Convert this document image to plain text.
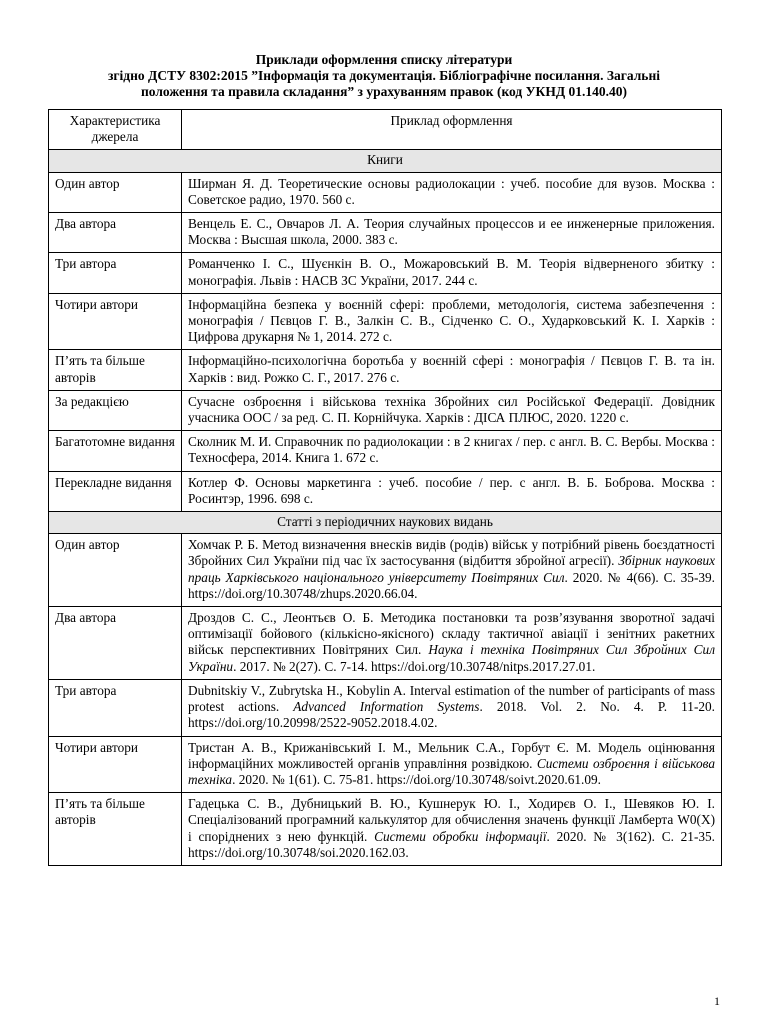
Приклади оформлення списку літератури
згідно ДСТУ 8302:2015 ”Інформація та документація. Бібліографічне посилання. Загальні
положення та правила складання” з урахуванням правок (код УКНД 01.140.40)
Характеристика джерела	Приклад оформлення
Книги	
Один автор	Ширман Я. Д. Теоретические основы радиолокации : учеб. пособие для вузов. Москва : Советское радио, 1970. 560 с.
Два автора	Венцель Е. С., Овчаров Л. А. Теория случайных процессов и ее инженерные приложения. Москва : Высшая школа, 2000. 383 с.
Три автора	Романченко І. С., Шуєнкін В. О., Можаровський В. М. Теорія відверненого збитку : монографія. Львів : НАСВ ЗС України, 2017. 244 с.
Чотири автори	Інформаційна безпека у воєнній сфері: проблеми, методологія, система забезпечення : монографія / Пєвцов Г. В., Залкін С. В., Сідченко С. О., Хударковський К. І. Харків : Цифрова друкарня № 1, 2014. 272 с.
П’ять та більше авторів	Інформаційно-психологічна боротьба у воєнній сфері : монографія / Пєвцов Г. В. та ін. Харків : вид. Рожко С. Г., 2017. 276 с.
За редакцією	Сучасне озброєння і військова техніка Збройних сил Російської Федерації. Довідник учасника ООС / за ред. С. П. Корнійчука. Харків : ДІСА ПЛЮС, 2020. 1220 с.
Багатотомне видання	Сколник М. И. Справочник по радиолокации : в 2 книгах / пер. с англ. В. С. Вербы. Москва : Техносфера, 2014. Книга 1. 672 с.
Перекладне видання	Котлер Ф. Основы маркетинга : учеб. пособие / пер. с англ. В. Б. Боброва. Москва : Росинтэр, 1996. 698 с.
Статті з періодичних наукових видань	
Один автор	Хомчак Р. Б. Метод визначення внесків видів (родів) військ у потрібний рівень боєздатності Збройних Сил України під час їх застосування (відбиття збройної агресії). Збірник наукових праць Харківського національного університету Повітряних Сил. 2020. № 4(66). С. 35-39. https://doi.org/10.30748/zhups.2020.66.04.
Два автора	Дроздов С. С., Леонтьєв О. Б. Методика постановки та розв’язування зворотної задачі оптимізації бойового (кількісно-якісного) складу тактичної авіації і зенітних ракетних військ перспективних Повітряних Сил. Наука і техніка Повітряних Сил Збройних Сил України. 2017. № 2(27). С. 7-14. https://doi.org/10.30748/nitps.2017.27.01.
Три автора	Dubnitskiy V., Zubrytska H., Kobylin A. Interval estimation of the number of participants of mass protest actions. Advanced Information Systems. 2018. Vol. 2. No. 4. P. 11-20. https://doi.org/10.20998/2522-9052.2018.4.02.
Чотири автори	Тристан А. В., Крижанівський І. М., Мельник С.А., Горбут Є. М. Модель оцінювання інформаційних можливостей органів управління розвідкою. Системи озброєння і військова техніка. 2020. № 1(61). С. 75-81. https://doi.org/10.30748/soivt.2020.61.09.
П’ять та більше авторів	Гадецька С. В., Дубницький В. Ю., Кушнерук Ю. І., Ходирєв О. І., Шевяков Ю. І. Спеціалізований програмний калькулятор для обчислення значень функції Ламберта W0(X) і споріднених з нею функцій. Системи обробки інформації. 2020. № 3(162). С. 21-35. https://doi.org/10.30748/soi.2020.162.03.
1
